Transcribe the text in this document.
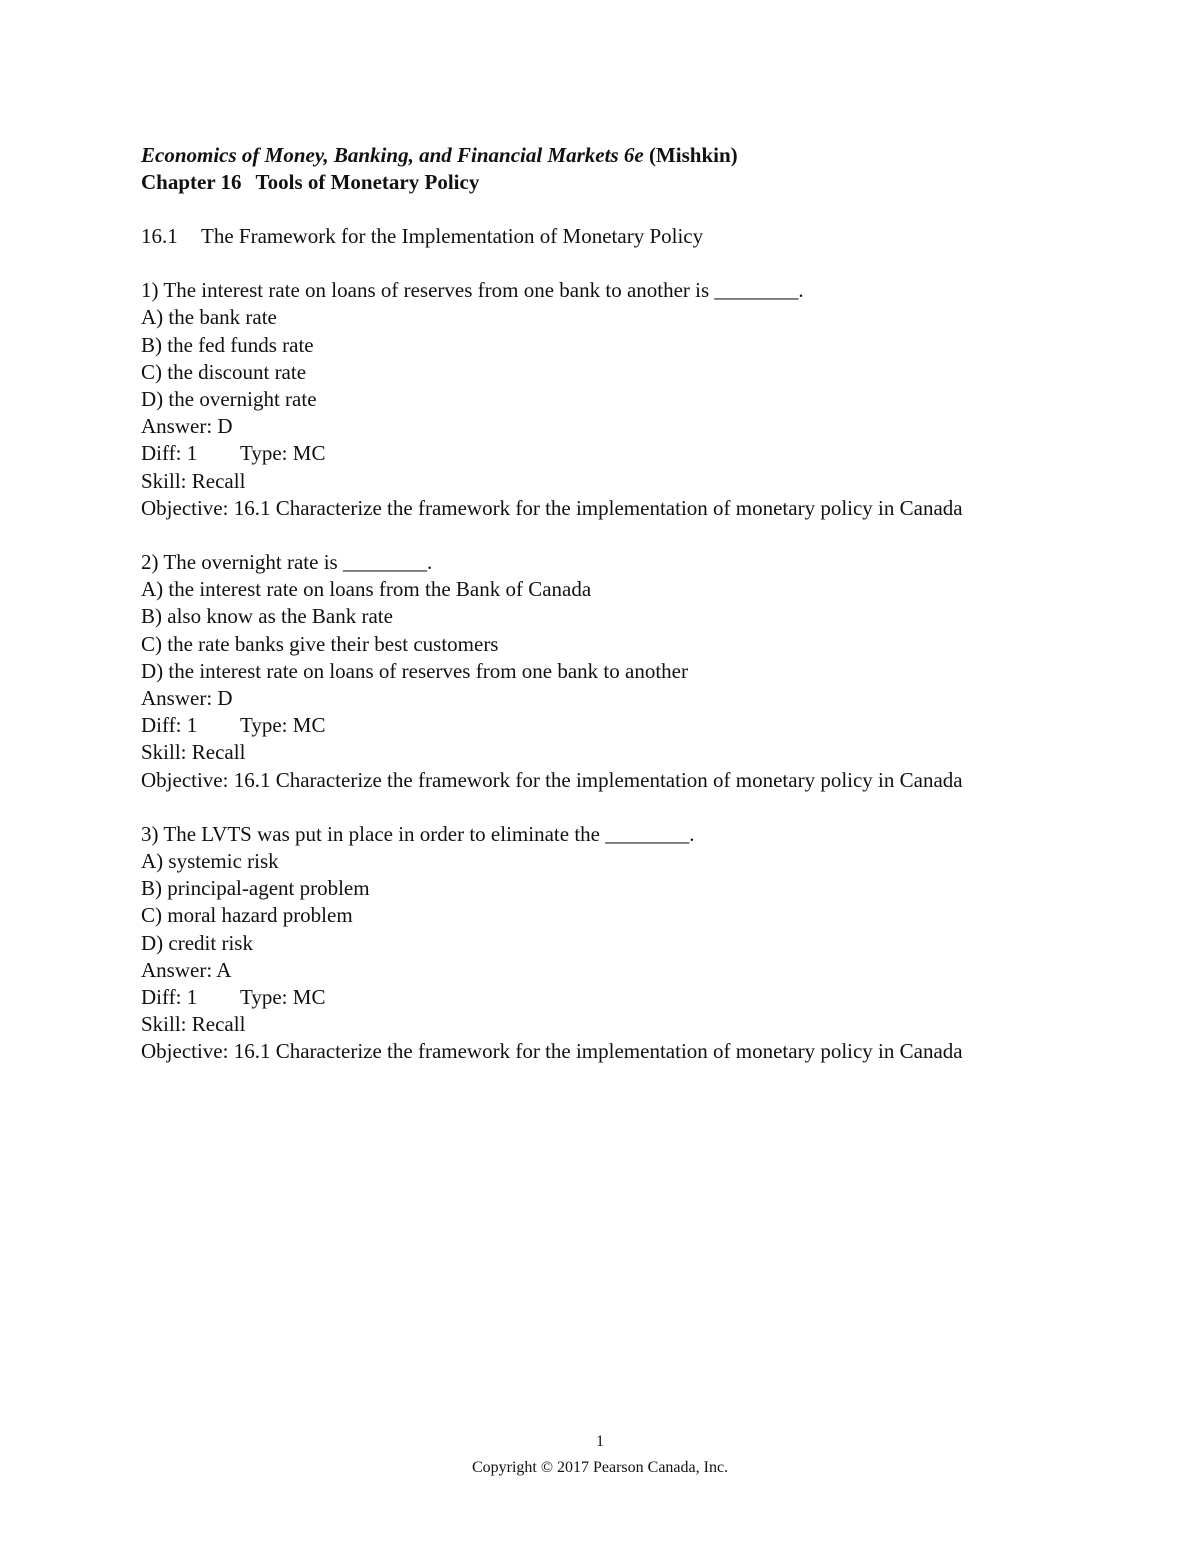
Economics of Money, Banking, and Financial Markets 6e (Mishkin)
Chapter 16 Tools of Monetary Policy
16.1 The Framework for the Implementation of Monetary Policy
1) The interest rate on loans of reserves from one bank to another is ________.
A) the bank rate
B) the fed funds rate
C) the discount rate
D) the overnight rate
Answer: D
Diff: 1 Type: MC
Skill: Recall
Objective: 16.1 Characterize the framework for the implementation of monetary policy in Canada
2) The overnight rate is ________.
A) the interest rate on loans from the Bank of Canada
B) also know as the Bank rate
C) the rate banks give their best customers
D) the interest rate on loans of reserves from one bank to another
Answer: D
Diff: 1 Type: MC
Skill: Recall
Objective: 16.1 Characterize the framework for the implementation of monetary policy in Canada
3) The LVTS was put in place in order to eliminate the ________.
A) systemic risk
B) principal-agent problem
C) moral hazard problem
D) credit risk
Answer: A
Diff: 1 Type: MC
Skill: Recall
Objective: 16.1 Characterize the framework for the implementation of monetary policy in Canada
1
Copyright © 2017 Pearson Canada, Inc.
